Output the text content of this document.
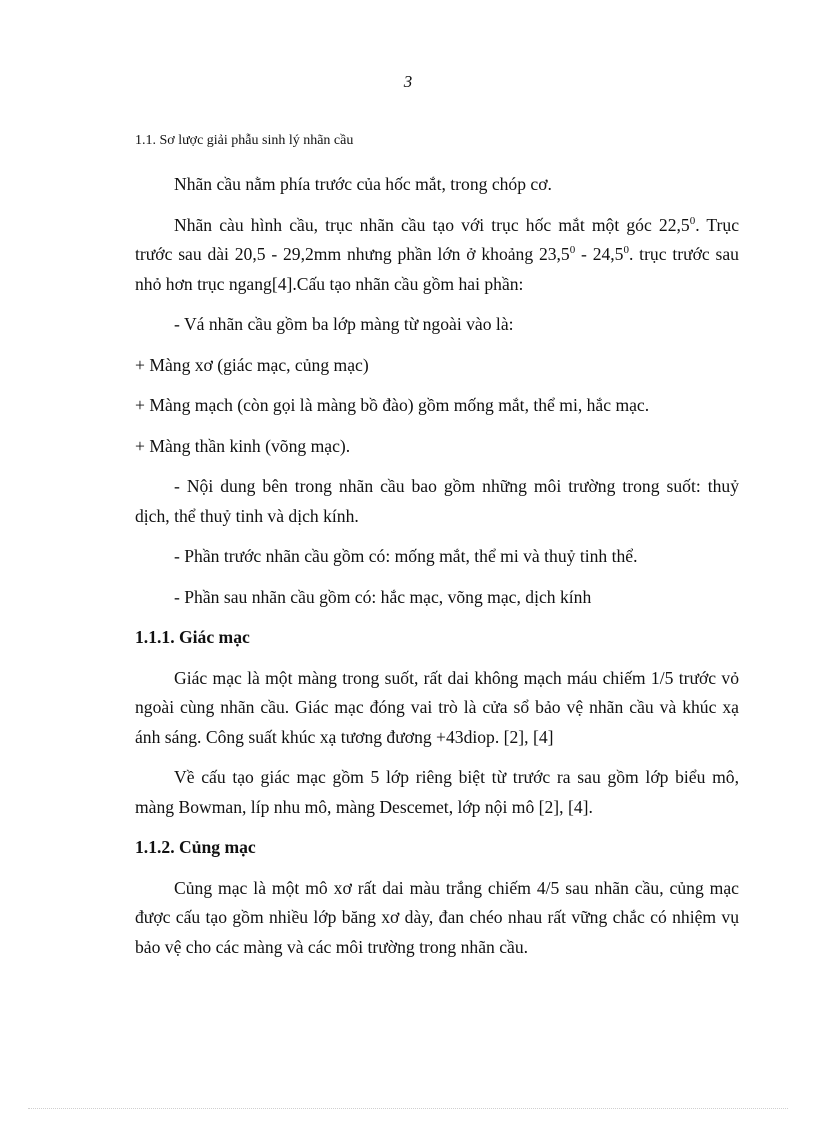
3
1.1. Sơ lược giải phẫu sinh lý nhãn cầu

Nhãn cầu nằm phía trước của hốc mắt, trong chóp cơ.

Nhãn càu hình cầu, trục nhãn cầu tạo với trục hốc mắt một góc 22,5$^0$. Trục trước sau dài 20,5 - 29,2mm nhưng phần lớn ở khoảng 23,5$^0$ - 24,5$^0$. trục trước sau nhỏ hơn trục ngang[4].Cấu tạo nhãn cầu gồm hai phần:

- Vá nhãn cầu gồm ba lớp màng từ ngoài vào là:

+ Màng xơ (giác mạc, củng mạc)

+ Màng mạch (còn gọi là màng bồ đào) gồm mống mắt, thể mi, hắc mạc.

+ Màng thần kinh (võng mạc).

- Nội dung bên trong nhãn cầu bao gồm những môi trường trong suốt: thuỷ dịch, thể thuỷ tinh và dịch kính.

- Phần trước nhãn cầu gồm có: mống mắt, thể mi và thuỷ tinh thể.

- Phần sau nhãn cầu gồm có: hắc mạc, võng mạc, dịch kính

1.1.1. Giác mạc

Giác mạc là một màng trong suốt, rất dai không mạch máu chiếm 1/5 trước vỏ ngoài cùng nhãn cầu. Giác mạc đóng vai trò là cửa sổ bảo vệ nhãn cầu và khúc xạ ánh sáng. Công suất khúc xạ tương đương +43diop. [2], [4]

Về cấu tạo giác mạc gồm 5 lớp riêng biệt từ trước ra sau gồm lớp biểu mô, màng Bowman, líp nhu mô, màng Descemet, lớp nội mô [2], [4].

1.1.2. Củng mạc

Củng mạc là một mô xơ rất dai màu trắng chiếm 4/5 sau nhãn cầu, củng mạc được cấu tạo gồm nhiều lớp băng xơ dày, đan chéo nhau rất vững chắc có nhiệm vụ bảo vệ cho các màng và các môi trường trong nhãn cầu.
